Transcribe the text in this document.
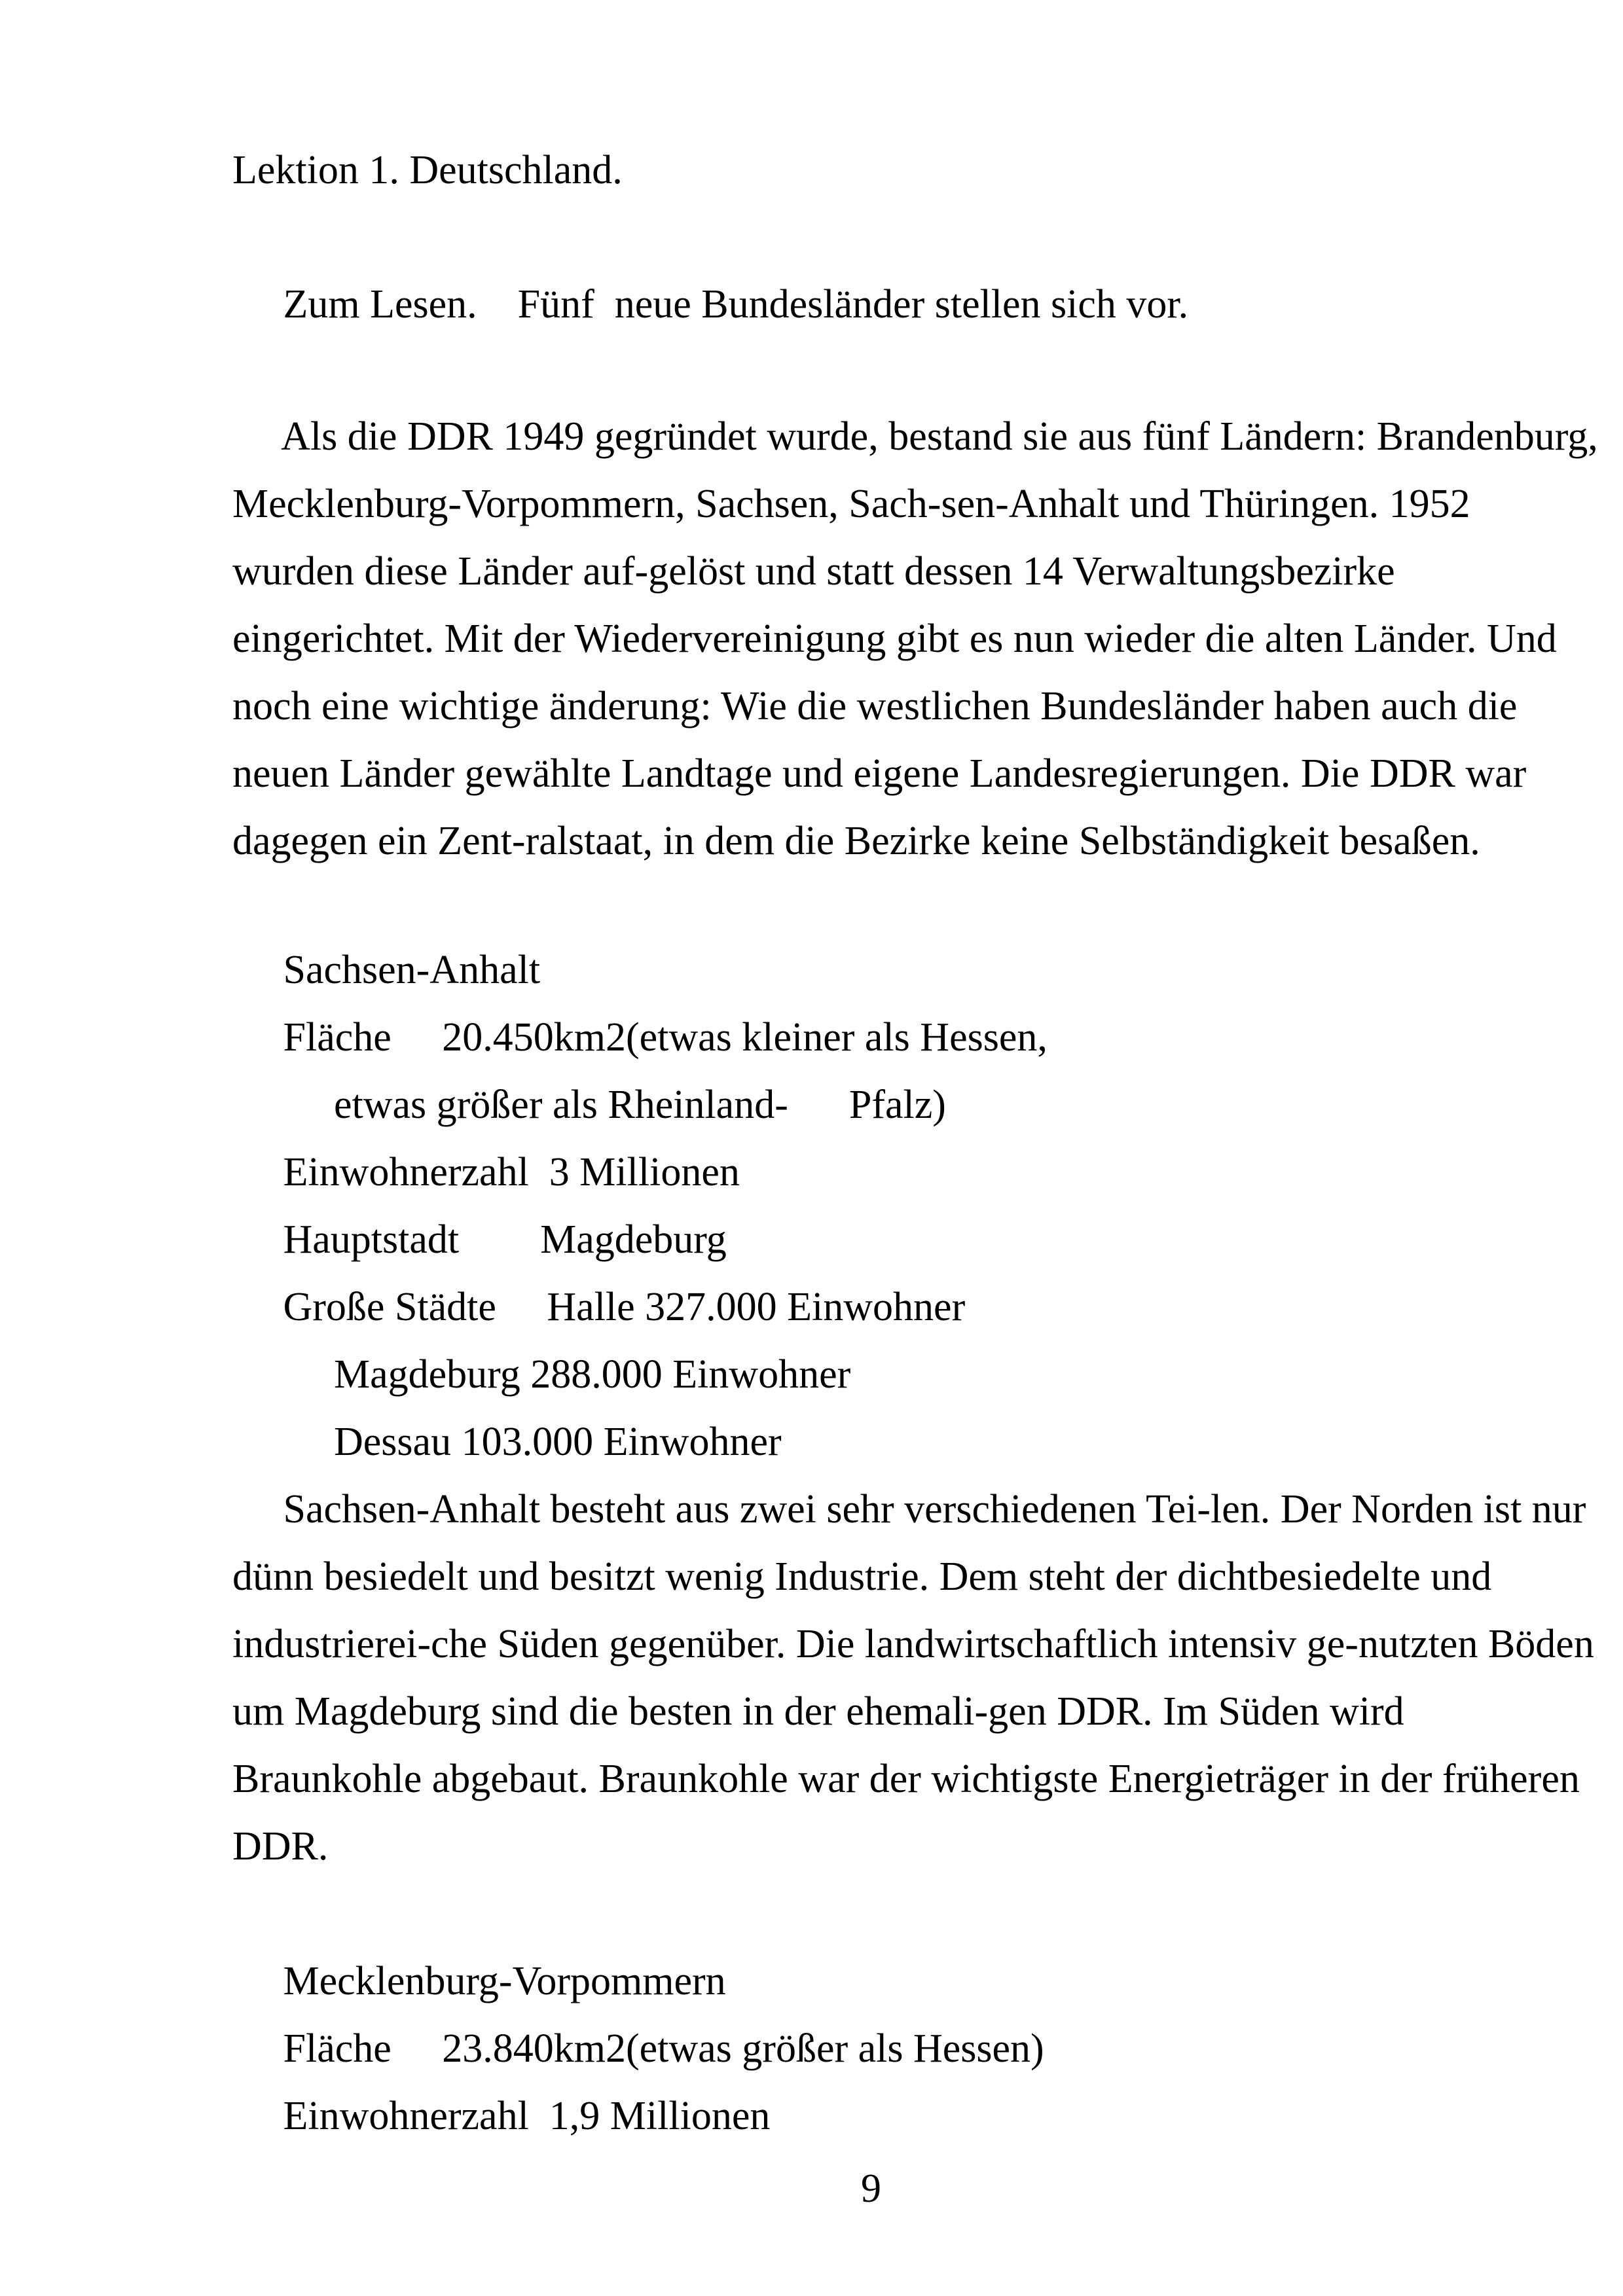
Lektion 1. Deutschland.
Zum Lesen.    Fünf  neue Bundesländer stellen sich vor.
Als die DDR 1949 gegründet wurde, bestand sie aus fünf Ländern: Brandenburg,
Mecklenburg-Vorpommern, Sachsen, Sach-sen-Anhalt und Thüringen. 1952
wurden diese Länder auf-gelöst und statt dessen 14 Verwaltungsbezirke
eingerichtet. Mit der Wiedervereinigung gibt es nun wieder die alten Länder. Und
noch eine wichtige änderung: Wie die westlichen Bundesländer haben auch die
neuen Länder gewählte Landtage und eigene Landesregierungen. Die DDR war
dagegen ein Zent-ralstaat, in dem die Bezirke keine Selbständigkeit besaßen.
Sachsen-Anhalt
Fläche     20.450km2(etwas kleiner als Hessen,
etwas größer als Rheinland-      Pfalz)
Einwohnerzahl  3 Millionen
Hauptstadt        Magdeburg
Große Städte     Halle 327.000 Einwohner
Magdeburg 288.000 Einwohner
Dessau 103.000 Einwohner
Sachsen-Anhalt besteht aus zwei sehr verschiedenen Tei-len. Der Norden ist nur
dünn besiedelt und besitzt wenig Industrie. Dem steht der dichtbesiedelte und
industrierei-che Süden gegenüber. Die landwirtschaftlich intensiv ge-nutzten Böden
um Magdeburg sind die besten in der ehemali-gen DDR. Im Süden wird
Braunkohle abgebaut. Braunkohle war der wichtigste Energieträger in der früheren
DDR.
Mecklenburg-Vorpommern
Fläche     23.840km2(etwas größer als Hessen)
Einwohnerzahl  1,9 Millionen
9
